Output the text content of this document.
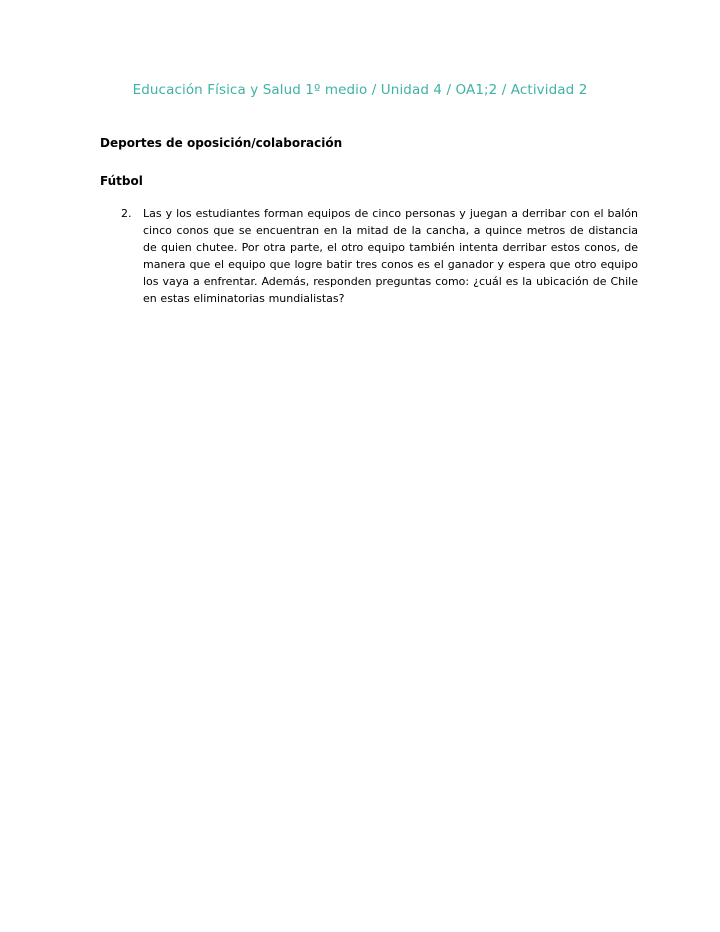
Educación Física y Salud 1º medio / Unidad 4 / OA1;2 / Actividad 2
Deportes de oposición/colaboración
Fútbol
2. Las y los estudiantes forman equipos de cinco personas y juegan a derribar con el balón cinco conos que se encuentran en la mitad de la cancha, a quince metros de distancia de quien chutee. Por otra parte, el otro equipo también intenta derribar estos conos, de manera que el equipo que logre batir tres conos es el ganador y espera que otro equipo los vaya a enfrentar. Además, responden preguntas como: ¿cuál es la ubicación de Chile en estas eliminatorias mundialistas?
